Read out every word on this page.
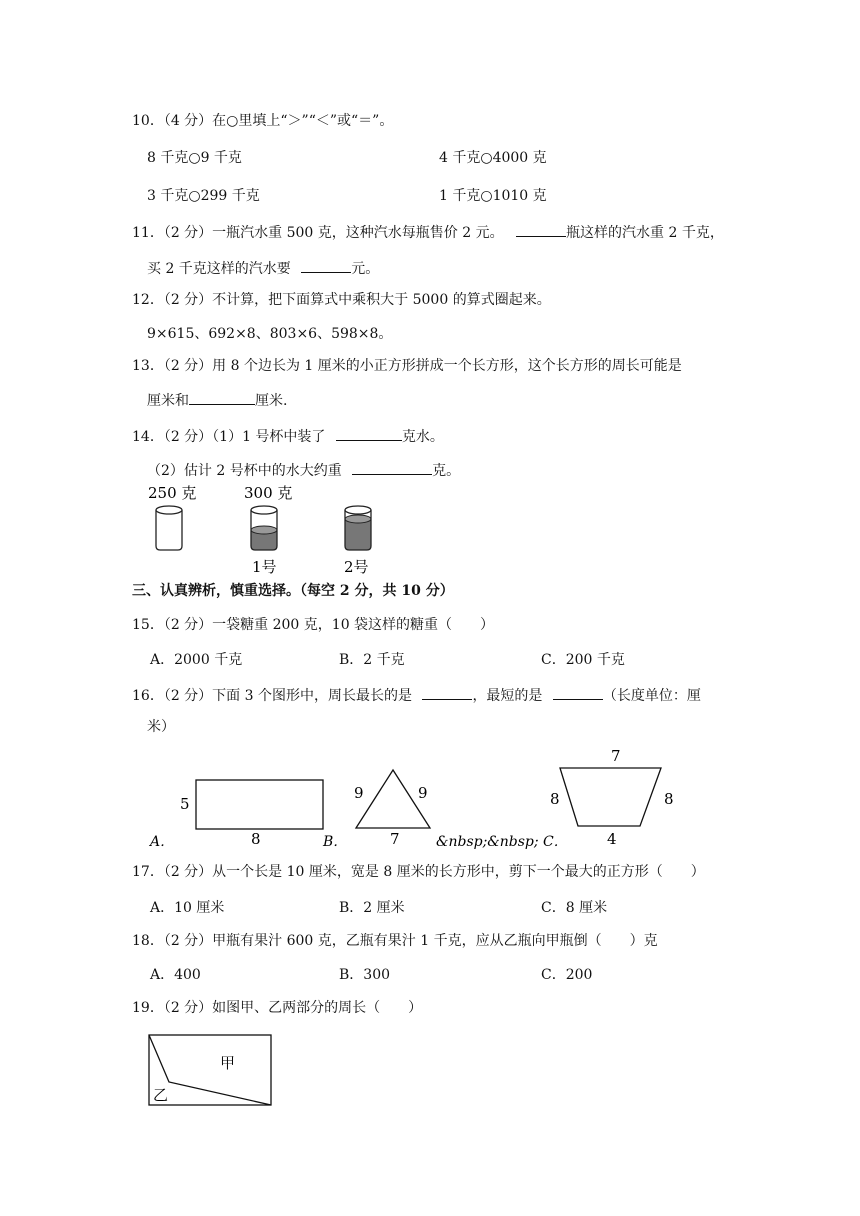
10．（4 分）在○里填上“＞”“＜”或“＝”。
8 千克○9 千克	4 千克○4000 克
3 千克○299 千克	1 千克○1010 克
11．（2 分）一瓶汽水重 500 克，这种汽水每瓶售价 2 元。	瓶这样的汽水重 2 千克，
买 2 千克这样的汽水要	元。
12．（2 分）不计算，把下面算式中乘积大于 5000 的算式圈起来。
9×615、692×8、803×6、598×8。
13．（2 分）用 8 个边长为 1 厘米的小正方形拼成一个长方形，这个长方形的周长可能是
厘米和	厘米.
14．（2 分）（1）1 号杯中装了	克水。
（2）估计 2 号杯中的水大约重	克。
250 克	300 克
1号	2号
三、认真辨析，慎重选择。（每空 2 分，共 10 分）
15．（2 分）一袋糖重 200 克，10 袋这样的糖重（　　）
A．2000 千克	B．2 千克	C．200 千克
16．（2 分）下面 3 个图形中，周长最长的是	，最短的是	（长度单位：厘
米）
5
8
A．
9	9
7
B．
7
8	8
4
&nbsp;&nbsp; C．
17．（2 分）从一个长是 10 厘米，宽是 8 厘米的长方形中，剪下一个最大的正方形（　　）
A．10 厘米	B．2 厘米	C．8 厘米
18．（2 分）甲瓶有果汁 600 克，乙瓶有果汁 1 千克，应从乙瓶向甲瓶倒（　　）克
A．400	B．300	C．200
19．（2 分）如图甲、乙两部分的周长（　　）
甲
乙
